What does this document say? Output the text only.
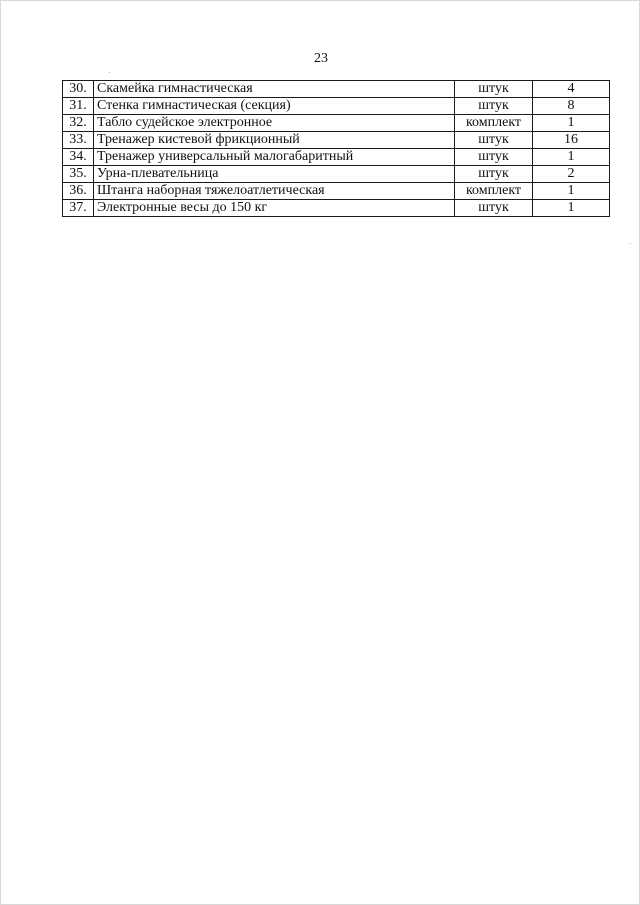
23
30.	Скамейка гимнастическая	штук	4
31.	Стенка гимнастическая (секция)	штук	8
32.	Табло судейское электронное	комплект	1
33.	Тренажер кистевой фрикционный	штук	16
34.	Тренажер универсальный малогабаритный	штук	1
35.	Урна-плевательница	штук	2
36.	Штанга наборная тяжелоатлетическая	комплект	1
37.	Электронные весы до 150 кг	штук	1
